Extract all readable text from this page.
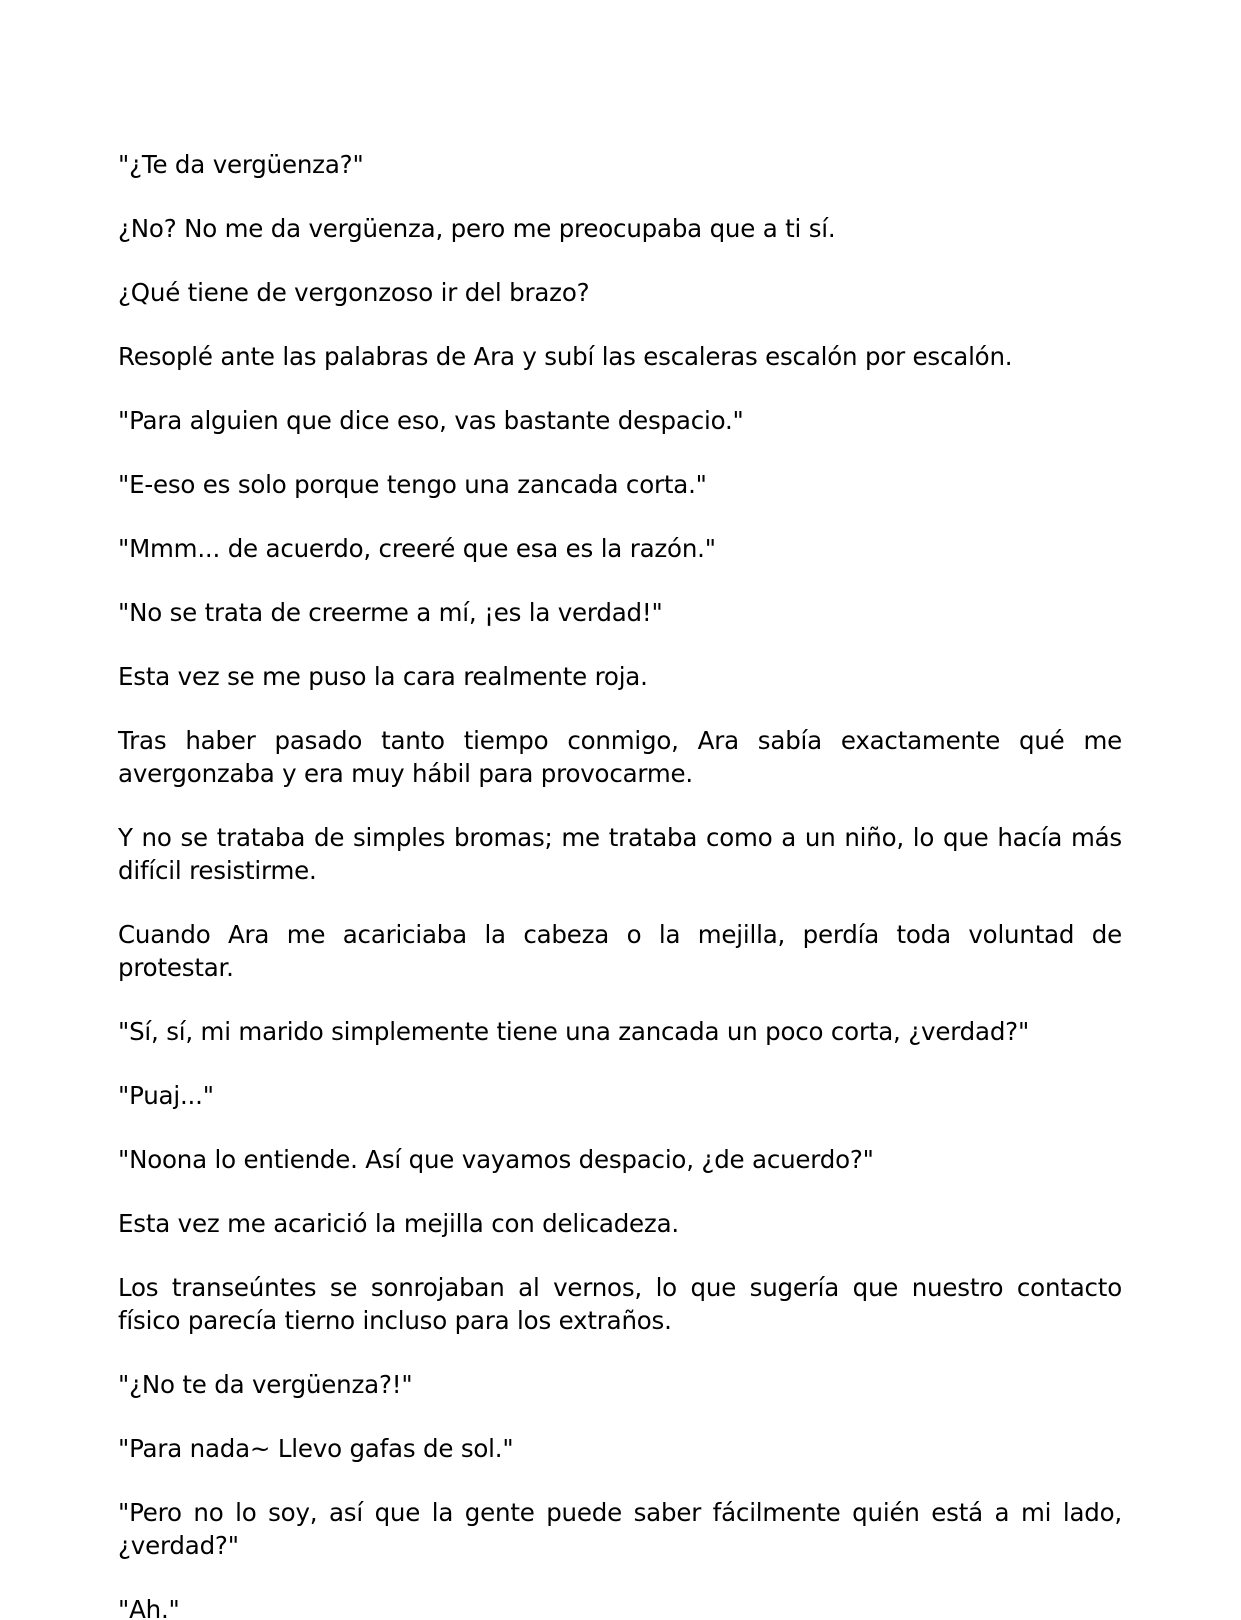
"¿Te da vergüenza?"

¿No? No me da vergüenza, pero me preocupaba que a ti sí.

¿Qué tiene de vergonzoso ir del brazo?

Resoplé ante las palabras de Ara y subí las escaleras escalón por escalón.

"Para alguien que dice eso, vas bastante despacio."

"E-eso es solo porque tengo una zancada corta."

"Mmm... de acuerdo, creeré que esa es la razón."

"No se trata de creerme a mí, ¡es la verdad!"

Esta vez se me puso la cara realmente roja.

Tras haber pasado tanto tiempo conmigo, Ara sabía exactamente qué me avergonzaba y era muy hábil para provocarme.

Y no se trataba de simples bromas; me trataba como a un niño, lo que hacía más difícil resistirme.

Cuando Ara me acariciaba la cabeza o la mejilla, perdía toda voluntad de protestar.

"Sí, sí, mi marido simplemente tiene una zancada un poco corta, ¿verdad?"

"Puaj..."

"Noona lo entiende. Así que vayamos despacio, ¿de acuerdo?"

Esta vez me acarició la mejilla con delicadeza.

Los transeúntes se sonrojaban al vernos, lo que sugería que nuestro contacto físico parecía tierno incluso para los extraños.

"¿No te da vergüenza?!"

"Para nada~ Llevo gafas de sol."

"Pero no lo soy, así que la gente puede saber fácilmente quién está a mi lado, ¿verdad?"

"Ah."
